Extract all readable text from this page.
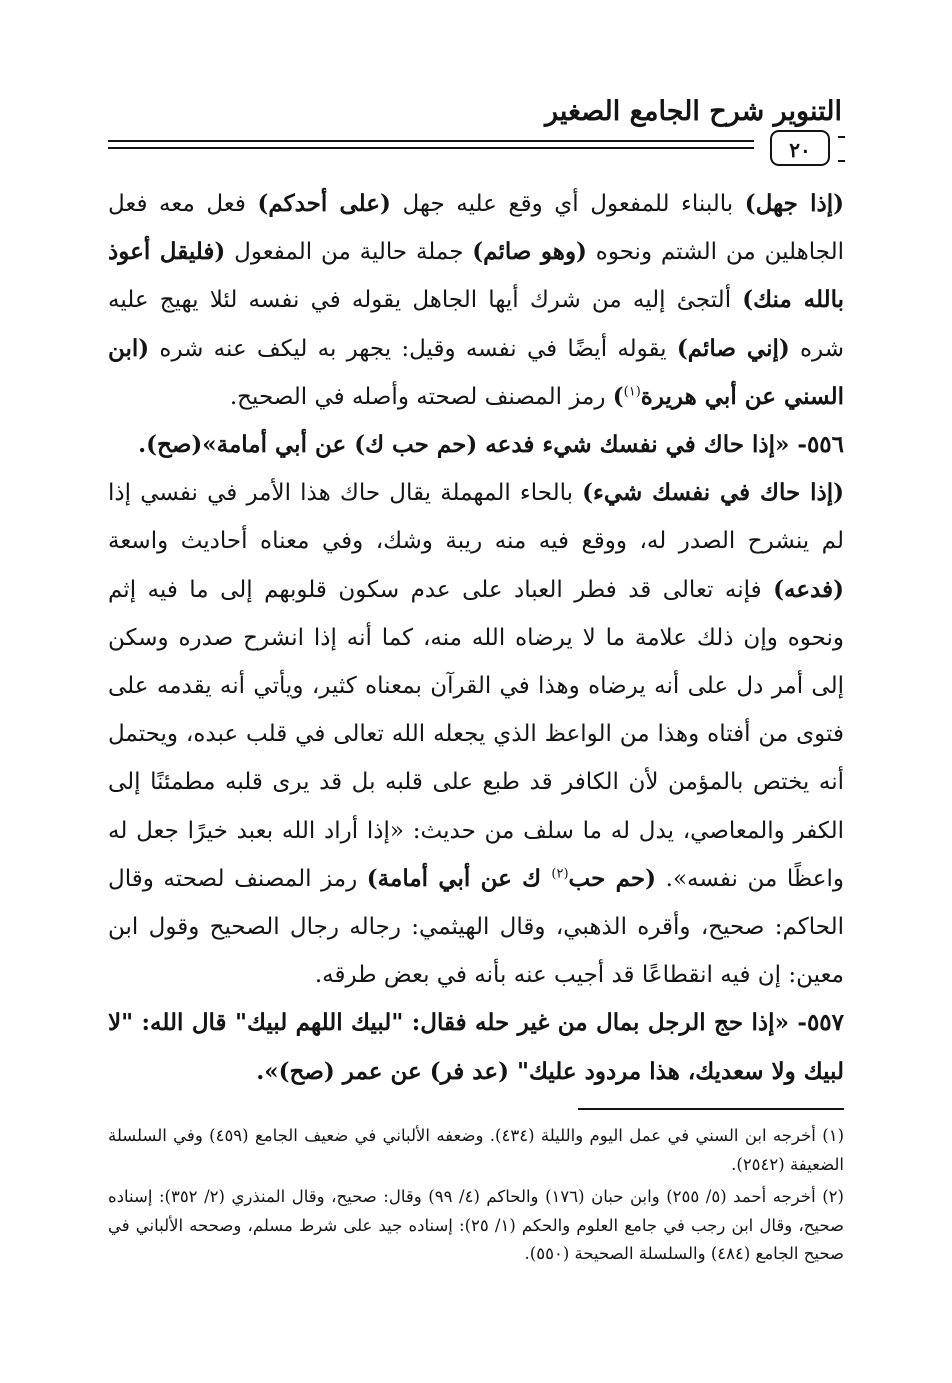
التنوير شرح الجامع الصغير
٢٠

(إذا جهل) بالبناء للمفعول أي وقع عليه جهل (على أحدكم) فعل معه فعل الجاهلين من الشتم ونحوه (وهو صائم) جملة حالية من المفعول (فليقل أعوذ بالله منك) ألتجئ إليه من شرك أيها الجاهل يقوله في نفسه لئلا يهيج عليه شره (إني صائم) يقوله أيضًا في نفسه وقيل: يجهر به ليكف عنه شره (ابن السني عن أبي هريرة$^{(١)}$) رمز المصنف لصحته وأصله في الصحيح.

٥٥٦- «إذا حاك في نفسك شيء فدعه (حم حب ك) عن أبي أمامة»(صح).

(إذا حاك في نفسك شيء) بالحاء المهملة يقال حاك هذا الأمر في نفسي إذا لم ينشرح الصدر له، ووقع فيه منه ريبة وشك، وفي معناه أحاديث واسعة (فدعه) فإنه تعالى قد فطر العباد على عدم سكون قلوبهم إلى ما فيه إثم ونحوه وإن ذلك علامة ما لا يرضاه الله منه، كما أنه إذا انشرح صدره وسكن إلى أمر دل على أنه يرضاه وهذا في القرآن بمعناه كثير، ويأتي أنه يقدمه على فتوى من أفتاه وهذا من الواعظ الذي يجعله الله تعالى في قلب عبده، ويحتمل أنه يختص بالمؤمن لأن الكافر قد طبع على قلبه بل قد يرى قلبه مطمئنًا إلى الكفر والمعاصي، يدل له ما سلف من حديث: «إذا أراد الله بعبد خيرًا جعل له واعظًا من نفسه». (حم حب$^{(٢)}$ ك عن أبي أمامة) رمز المصنف لصحته وقال الحاكم: صحيح، وأقره الذهبي، وقال الهيثمي: رجاله رجال الصحيح وقول ابن معين: إن فيه انقطاعًا قد أجيب عنه بأنه في بعض طرقه.

٥٥٧- «إذا حج الرجل بمال من غير حله فقال: "لبيك اللهم لبيك" قال الله: "لا لبيك ولا سعديك، هذا مردود عليك" (عد فر) عن عمر (صح)».

(١) أخرجه ابن السني في عمل اليوم والليلة (٤٣٤). وضعفه الألباني في ضعيف الجامع (٤٥٩) وفي السلسلة الضعيفة (٢٥٤٢).

(٢) أخرجه أحمد (٥/ ٢٥٥) وابن حبان (١٧٦) والحاكم (٤/ ٩٩) وقال: صحيح، وقال المنذري (٢/ ٣٥٢): إسناده صحيح، وقال ابن رجب في جامع العلوم والحكم (١/ ٢٥): إسناده جيد على شرط مسلم، وصححه الألباني في صحيح الجامع (٤٨٤) والسلسلة الصحيحة (٥٥٠).
